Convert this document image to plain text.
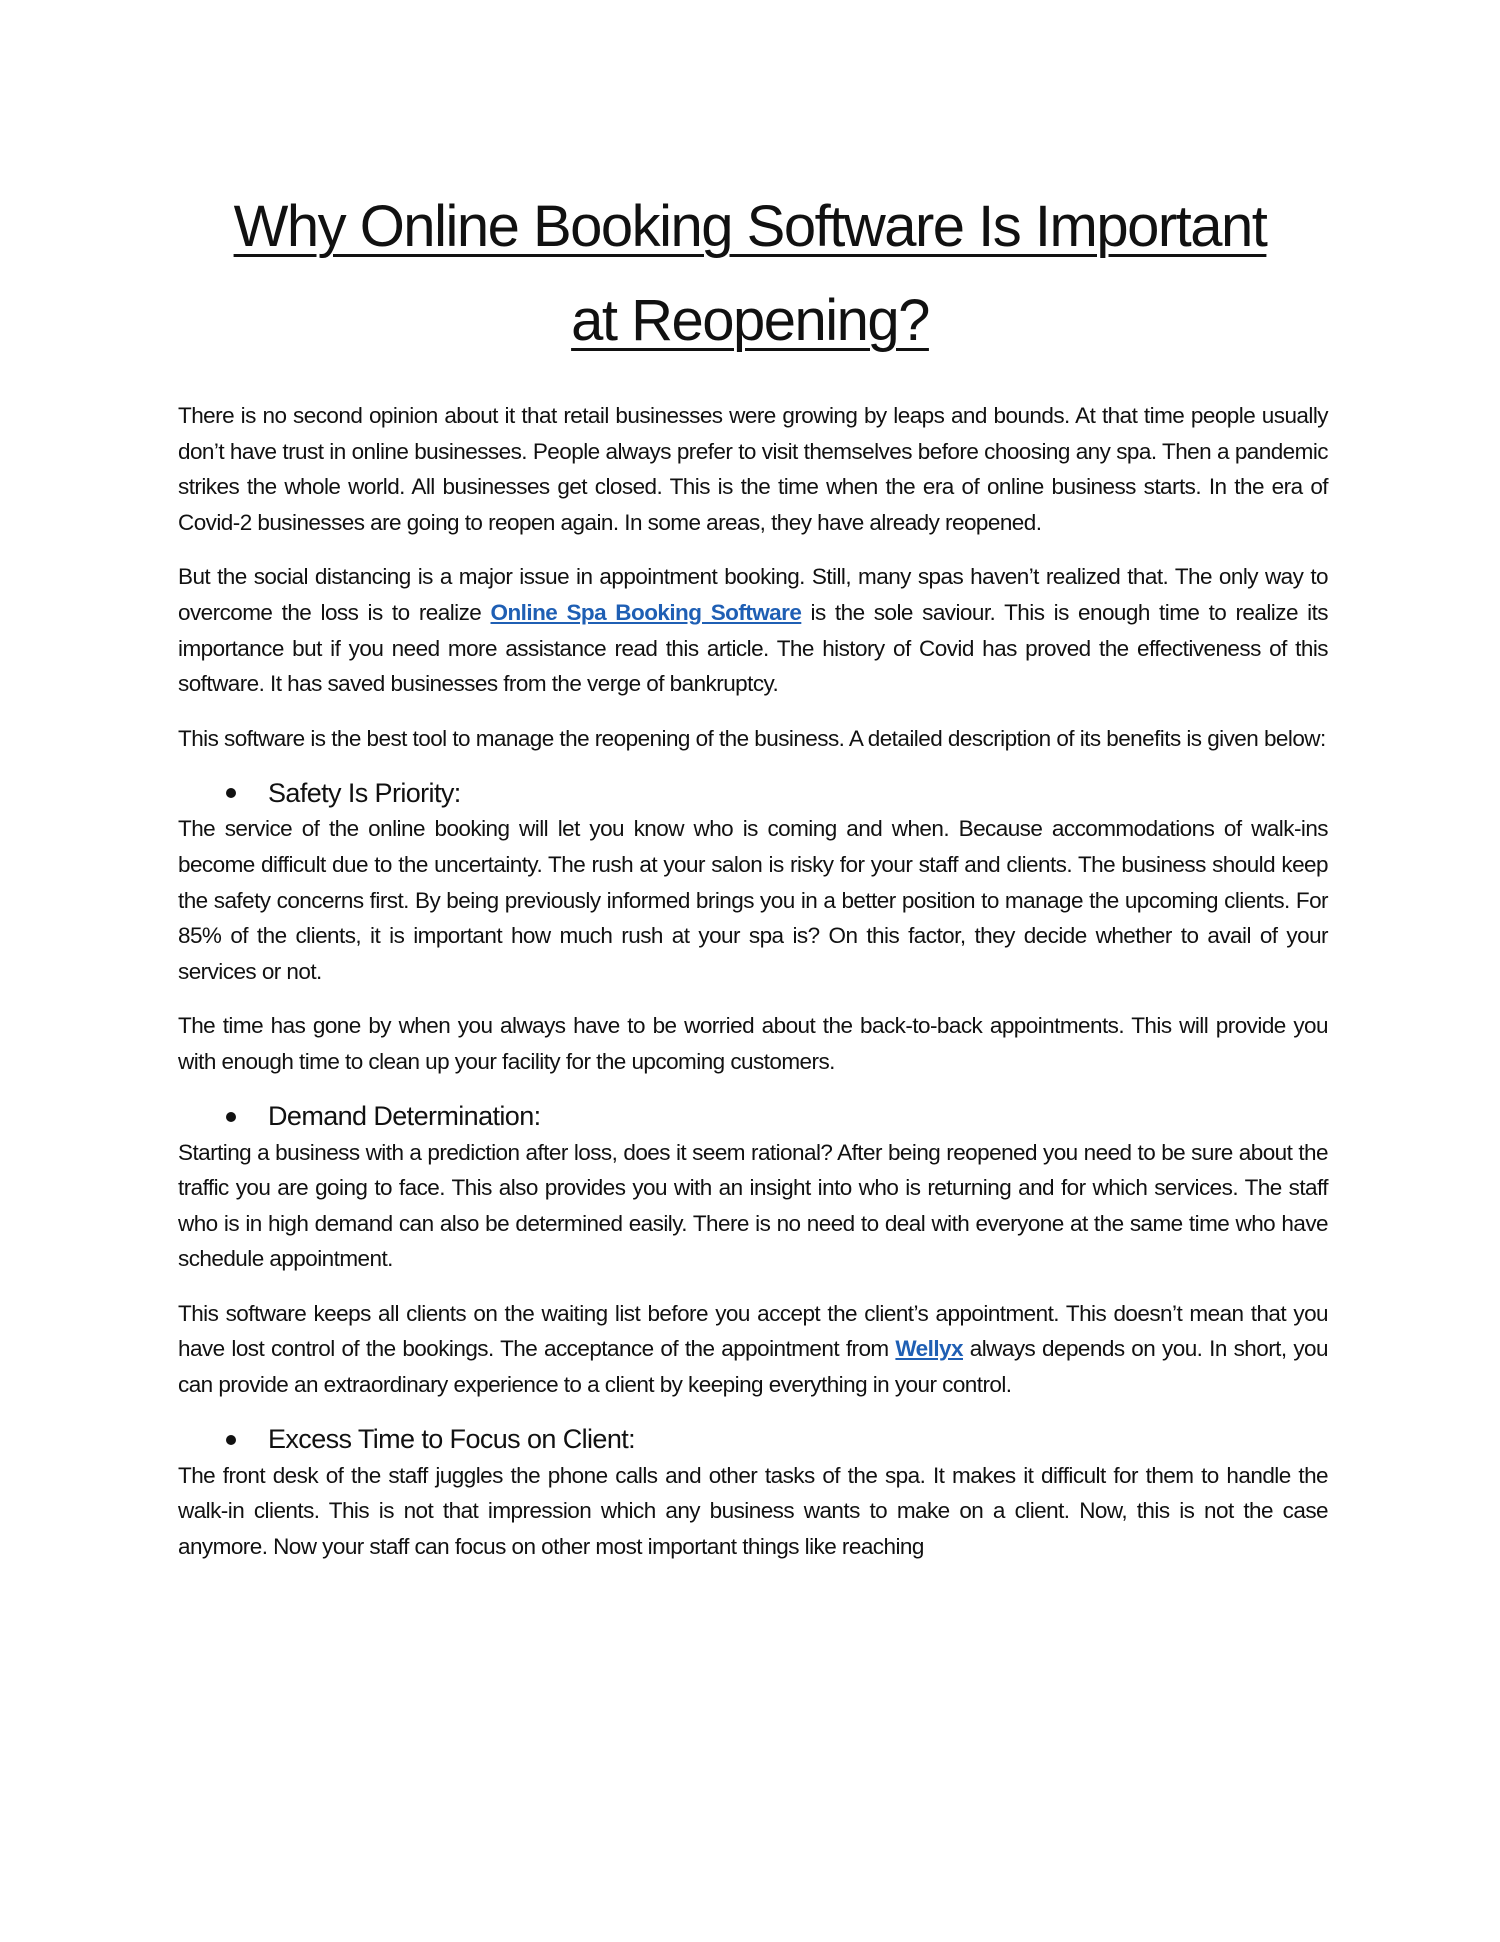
Why Online Booking Software Is Important
at Reopening?

There is no second opinion about it that retail businesses were growing by leaps and bounds. At that time people usually don’t have trust in online businesses. People always prefer to visit themselves before choosing any spa. Then a pandemic strikes the whole world. All businesses get closed. This is the time when the era of online business starts. In the era of Covid-2 businesses are going to reopen again. In some areas, they have already reopened.

But the social distancing is a major issue in appointment booking. Still, many spas haven’t realized that. The only way to overcome the loss is to realize Online Spa Booking Software is the sole saviour. This is enough time to realize its importance but if you need more assistance read this article. The history of Covid has proved the effectiveness of this software. It has saved businesses from the verge of bankruptcy.

This software is the best tool to manage the reopening of the business. A detailed description of its benefits is given below:

Safety Is Priority:

The service of the online booking will let you know who is coming and when. Because accommodations of walk-ins become difficult due to the uncertainty. The rush at your salon is risky for your staff and clients. The business should keep the safety concerns first. By being previously informed brings you in a better position to manage the upcoming clients. For 85% of the clients, it is important how much rush at your spa is? On this factor, they decide whether to avail of your services or not.

The time has gone by when you always have to be worried about the back-to-back appointments. This will provide you with enough time to clean up your facility for the upcoming customers.

Demand Determination:

Starting a business with a prediction after loss, does it seem rational? After being reopened you need to be sure about the traffic you are going to face. This also provides you with an insight into who is returning and for which services. The staff who is in high demand can also be determined easily. There is no need to deal with everyone at the same time who have schedule appointment.

This software keeps all clients on the waiting list before you accept the client’s appointment. This doesn’t mean that you have lost control of the bookings. The acceptance of the appointment from Wellyx always depends on you. In short, you can provide an extraordinary experience to a client by keeping everything in your control.

Excess Time to Focus on Client:

The front desk of the staff juggles the phone calls and other tasks of the spa. It makes it difficult for them to handle the walk-in clients. This is not that impression which any business wants to make on a client. Now, this is not the case anymore. Now your staff can focus on other most important things like reaching
